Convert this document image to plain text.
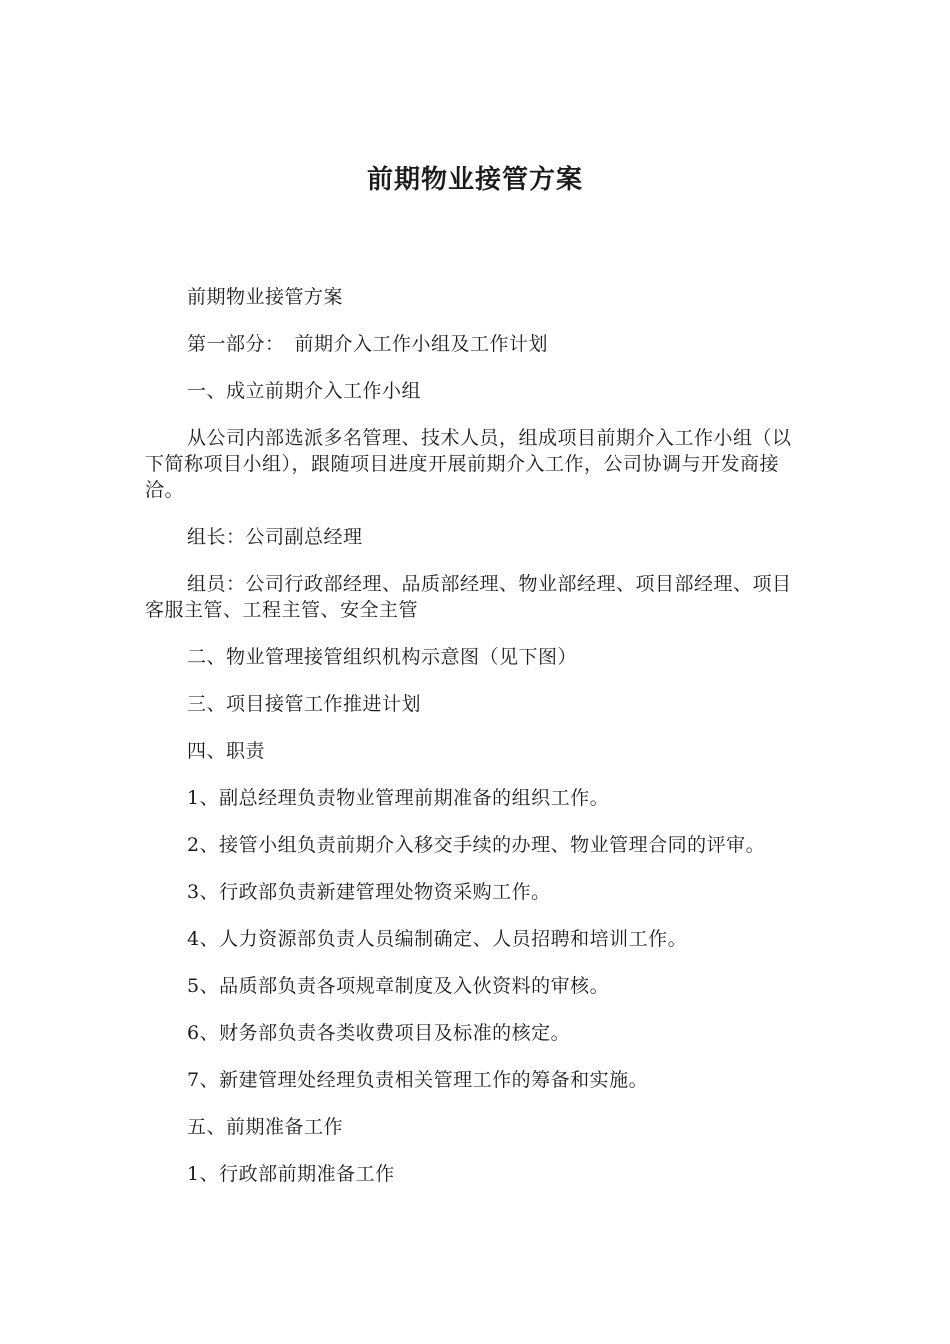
前期物业接管方案

前期物业接管方案

第一部分：　前期介入工作小组及工作计划

一、成立前期介入工作小组

从公司内部选派多名管理、技术人员，组成项目前期介入工作小组（以下简称项目小组），跟随项目进度开展前期介入工作，公司协调与开发商接洽。

组长：公司副总经理

组员：公司行政部经理、品质部经理、物业部经理、项目部经理、项目客服主管、工程主管、安全主管

二、物业管理接管组织机构示意图（见下图）

三、项目接管工作推进计划

四、职责

1、副总经理负责物业管理前期准备的组织工作。

2、接管小组负责前期介入移交手续的办理、物业管理合同的评审。

3、行政部负责新建管理处物资采购工作。

4、人力资源部负责人员编制确定、人员招聘和培训工作。

5、品质部负责各项规章制度及入伙资料的审核。

6、财务部负责各类收费项目及标准的核定。

7、新建管理处经理负责相关管理工作的筹备和实施。

五、前期准备工作

1、行政部前期准备工作
